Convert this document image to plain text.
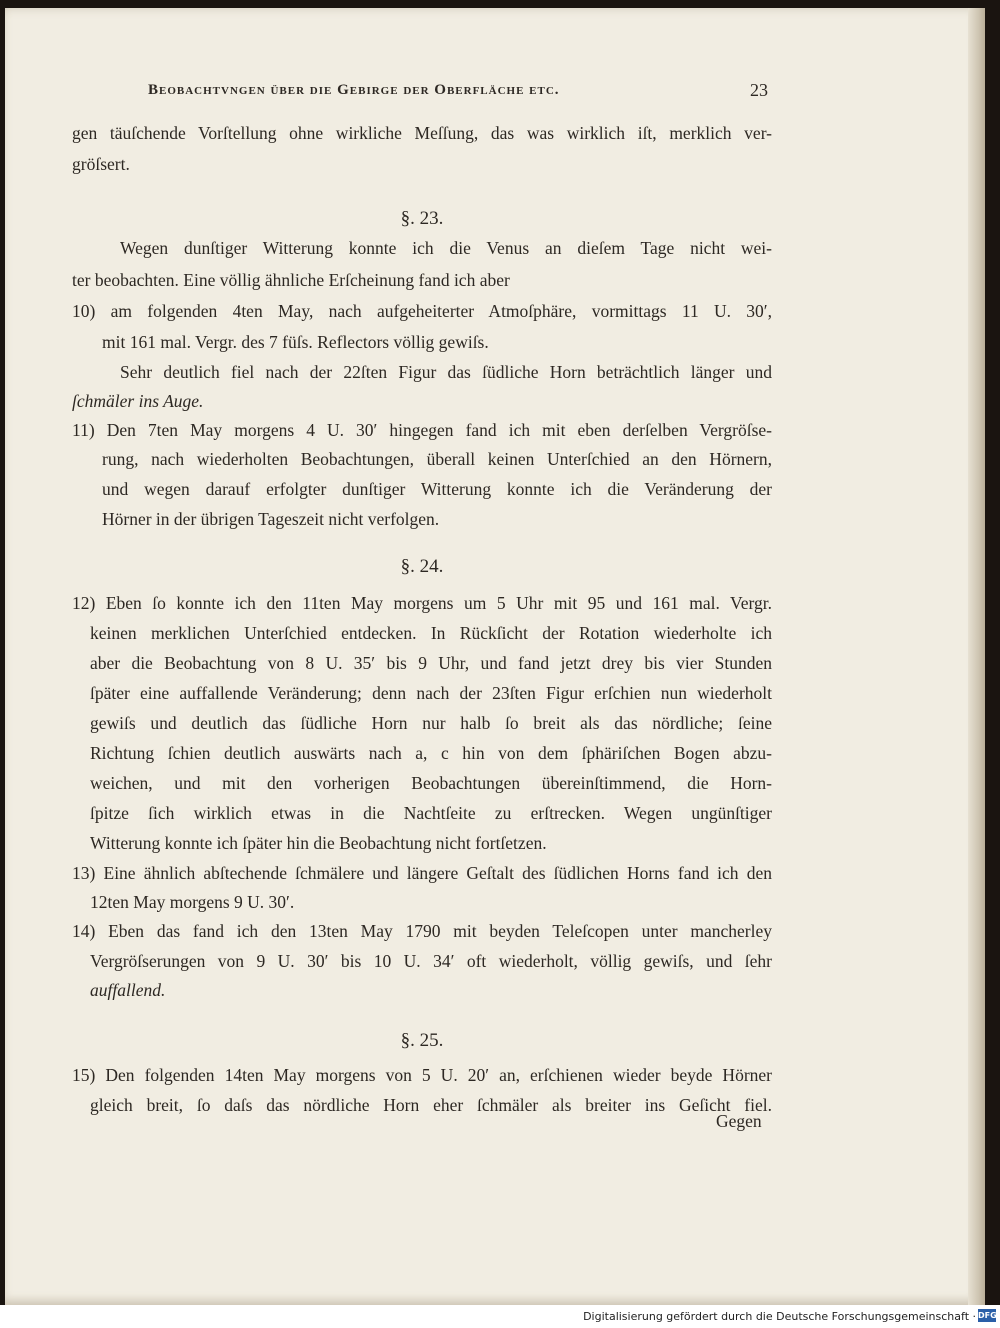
Beobachtvngen über die Gebirge der Oberfläche etc.	23
gen täuſchende Vorſtellung ohne wirkliche Meſſung, das was wirklich iſt, merklich ver-
gröſsert.
§. 23.
Wegen dunſtiger Witterung konnte ich die Venus an dieſem Tage nicht wei-
ter beobachten. Eine völlig ähnliche Erſcheinung fand ich aber
10) am folgenden 4ten May, nach aufgeheiterter Atmoſphäre, vormittags 11 U. 30′,
mit 161 mal. Vergr. des 7 füſs. Reflectors völlig gewiſs.
Sehr deutlich fiel nach der 22ſten Figur das ſüdliche Horn beträchtlich länger und
ſchmäler ins Auge.
11) Den 7ten May morgens 4 U. 30′ hingegen fand ich mit eben derſelben Vergröſse-
rung, nach wiederholten Beobachtungen, überall keinen Unterſchied an den Hörnern,
und wegen darauf erfolgter dunſtiger Witterung konnte ich die Veränderung der
Hörner in der übrigen Tageszeit nicht verfolgen.
§. 24.
12) Eben ſo konnte ich den 11ten May morgens um 5 Uhr mit 95 und 161 mal. Vergr.
keinen merklichen Unterſchied entdecken. In Rückſicht der Rotation wiederholte ich
aber die Beobachtung von 8 U. 35′ bis 9 Uhr, und fand jetzt drey bis vier Stunden
ſpäter eine auffallende Veränderung; denn nach der 23ſten Figur erſchien nun wiederholt
gewiſs und deutlich das ſüdliche Horn nur halb ſo breit als das nördliche; ſeine
Richtung ſchien deutlich auswärts nach a, c hin von dem ſphäriſchen Bogen abzu-
weichen, und mit den vorherigen Beobachtungen übereinſtimmend, die Horn-
ſpitze ſich wirklich etwas in die Nachtſeite zu erſtrecken. Wegen ungünſtiger
Witterung konnte ich ſpäter hin die Beobachtung nicht fortſetzen.
13) Eine ähnlich abſtechende ſchmälere und längere Geſtalt des ſüdlichen Horns fand ich den
12ten May morgens 9 U. 30′.
14) Eben das fand ich den 13ten May 1790 mit beyden Teleſcopen unter mancherley
Vergröſserungen von 9 U. 30′ bis 10 U. 34′ oft wiederholt, völlig gewiſs, und ſehr
auffallend.
§. 25.
15) Den folgenden 14ten May morgens von 5 U. 20′ an, erſchienen wieder beyde Hörner
gleich breit, ſo daſs das nördliche Horn eher ſchmäler als breiter ins Geſicht fiel.
Gegen
Digitalisierung gefördert durch die Deutsche Forschungsgemeinschaft · DFG
